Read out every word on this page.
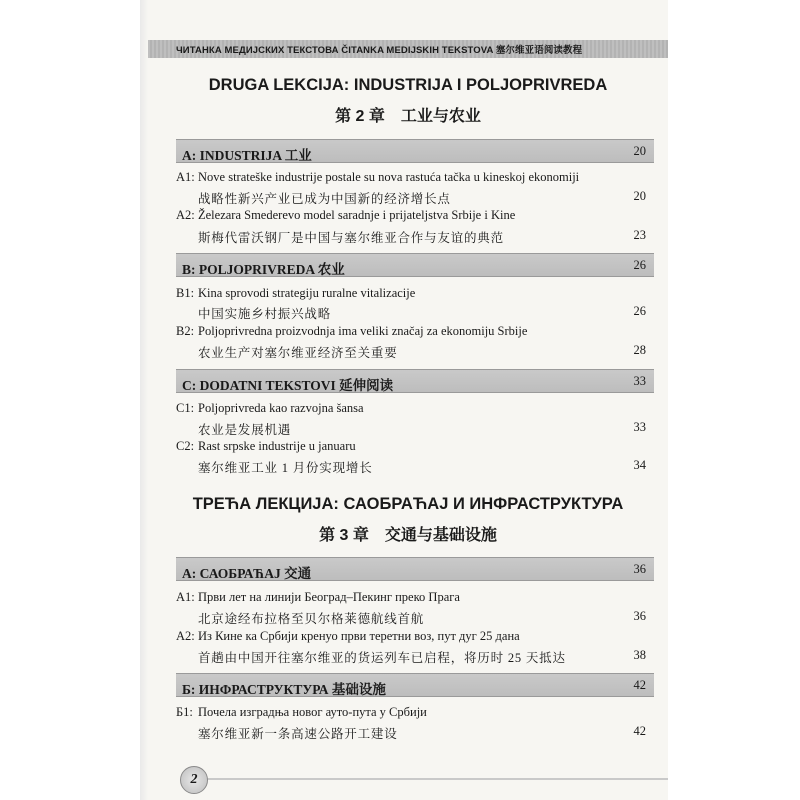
ЧИТАНКА МЕДИЈСКИХ ТЕКСТОВА ČITANKA MEDIJSKIH TEKSTOVA 塞尔维亚语阅读教程
DRUGA LEKCIJA: INDUSTRIJA I POLJOPRIVREDA
第 2 章　工业与农业
A: INDUSTRIJA 工业	20
A1: Nove strateške industrije postale su nova rastuća tačka u kineskoj ekonomiji
战略性新兴产业已成为中国新的经济增长点	20
A2: Železara Smederevo model saradnje i prijateljstva Srbije i Kine
斯梅代雷沃钢厂是中国与塞尔维亚合作与友谊的典范	23
B: POLJOPRIVREDA 农业	26
B1: Kina sprovodi strategiju ruralne vitalizacije
中国实施乡村振兴战略	26
B2: Poljoprivredna proizvodnja ima veliki značaj za ekonomiju Srbije
农业生产对塞尔维亚经济至关重要	28
C: DODATNI TEKSTOVI 延伸阅读	33
C1: Poljoprivreda kao razvojna šansa
农业是发展机遇	33
C2: Rast srpske industrije u januaru
塞尔维亚工业 1 月份实现增长	34
ТРЕЋА ЛЕКЦИЈА: САОБРАЋАЈ И ИНФРАСТРУКТУРА
第 3 章　交通与基础设施
А: САОБРАЋАЈ 交通	36
А1: Први лет на линији Београд–Пекинг преко Прага
北京途经布拉格至贝尔格莱德航线首航	36
А2: Из Кине ка Србији кренуо први теретни воз, пут дуг 25 дана
首趟由中国开往塞尔维亚的货运列车已启程，将历时 25 天抵达	38
Б: ИНФРАСТРУКТУРА 基础设施	42
Б1: Почела изградња новог ауто-пута у Србији
塞尔维亚新一条高速公路开工建设	42
2
